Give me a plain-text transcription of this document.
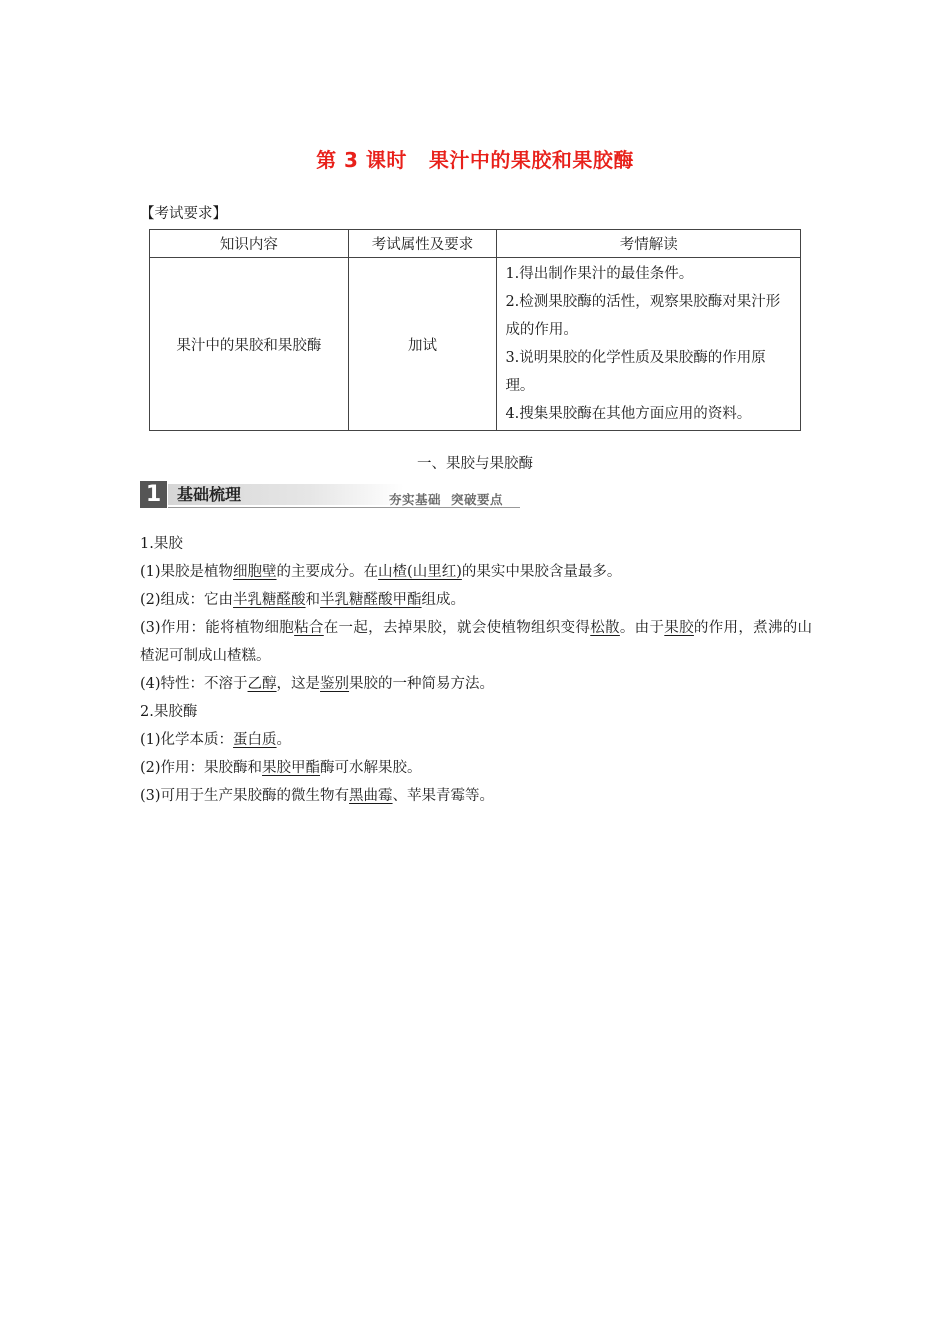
第 3 课时 果汁中的果胶和果胶酶
【考试要求】
知识内容	考试属性及要求	考情解读
果汁中的果胶和果胶酶	加试	1.得出制作果汁的最佳条件。
2.检测果胶酶的活性，观察果胶酶对果汁形成的作用。
3.说明果胶的化学性质及果胶酶的作用原理。
4.搜集果胶酶在其他方面应用的资料。
一、果胶与果胶酶
1 基础梳理	夯实基础 突破要点

1.果胶

(1)果胶是植物细胞壁的主要成分。在山楂(山里红)的果实中果胶含量最多。

(2)组成：它由半乳糖醛酸和半乳糖醛酸甲酯组成。

(3)作用：能将植物细胞粘合在一起，去掉果胶，就会使植物组织变得松散。由于果胶的作用，煮沸的山楂泥可制成山楂糕。

(4)特性：不溶于乙醇，这是鉴别果胶的一种简易方法。

2.果胶酶

(1)化学本质：蛋白质。

(2)作用：果胶酶和果胶甲酯酶可水解果胶。

(3)可用于生产果胶酶的微生物有黑曲霉、苹果青霉等。
